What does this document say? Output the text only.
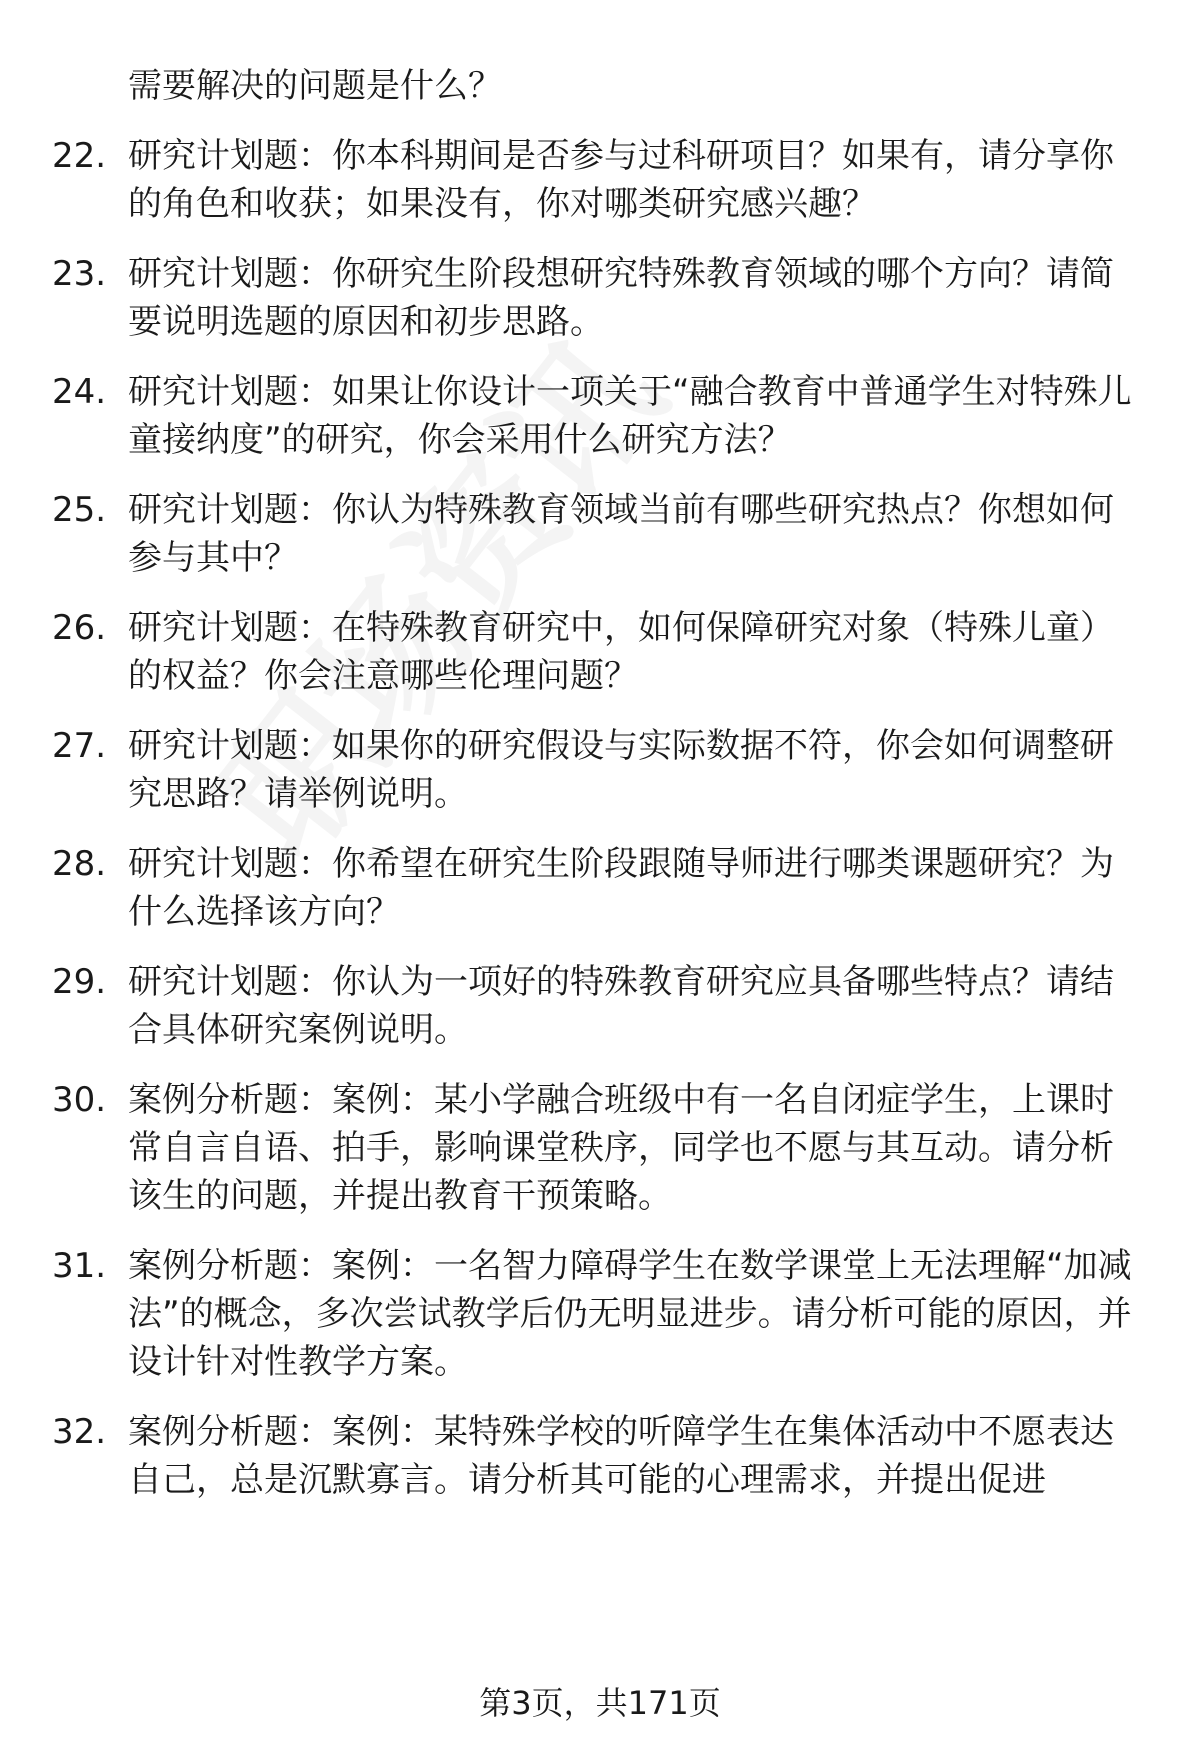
需要解决的问题是什么？

22. 研究计划题：你本科期间是否参与过科研项目？如果有，请分享你的角色和收获；如果没有，你对哪类研究感兴趣？
23. 研究计划题：你研究生阶段想研究特殊教育领域的哪个方向？请简要说明选题的原因和初步思路。
24. 研究计划题：如果让你设计一项关于“融合教育中普通学生对特殊儿童接纳度”的研究，你会采用什么研究方法？
25. 研究计划题：你认为特殊教育领域当前有哪些研究热点？你想如何参与其中？
26. 研究计划题：在特殊教育研究中，如何保障研究对象（特殊儿童）的权益？你会注意哪些伦理问题？
27. 研究计划题：如果你的研究假设与实际数据不符，你会如何调整研究思路？请举例说明。
28. 研究计划题：你希望在研究生阶段跟随导师进行哪类课题研究？为什么选择该方向？
29. 研究计划题：你认为一项好的特殊教育研究应具备哪些特点？请结合具体研究案例说明。
30. 案例分析题：案例：某小学融合班级中有一名自闭症学生，上课时常自言自语、拍手，影响课堂秩序，同学也不愿与其互动。请分析该生的问题，并提出教育干预策略。
31. 案例分析题：案例：一名智力障碍学生在数学课堂上无法理解“加减法”的概念，多次尝试教学后仍无明显进步。请分析可能的原因，并设计针对性教学方案。
32. 案例分析题：案例：某特殊学校的听障学生在集体活动中不愿表达自己，总是沉默寡言。请分析其可能的心理需求，并提出促进
第3页，共171页
